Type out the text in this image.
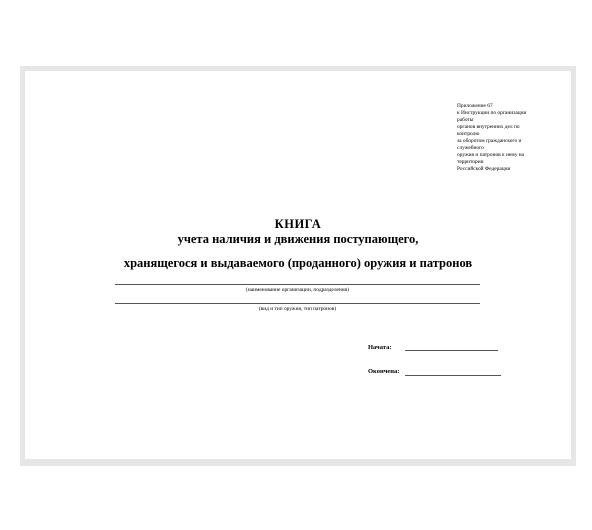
Приложение 67
к Инструкции по организации
работы
органов внутренних дел по
контролю
за оборотом гражданского и
служебного
оружия и патронов к нему на
территории
Российской Федерации
КНИГА
учета наличия и движения поступающего,
хранящегося и выдаваемого (проданного) оружия и патронов
(наименование организации, подразделения)
(вид и тип оружия, тип патронов)
Начата:
Окончена:
